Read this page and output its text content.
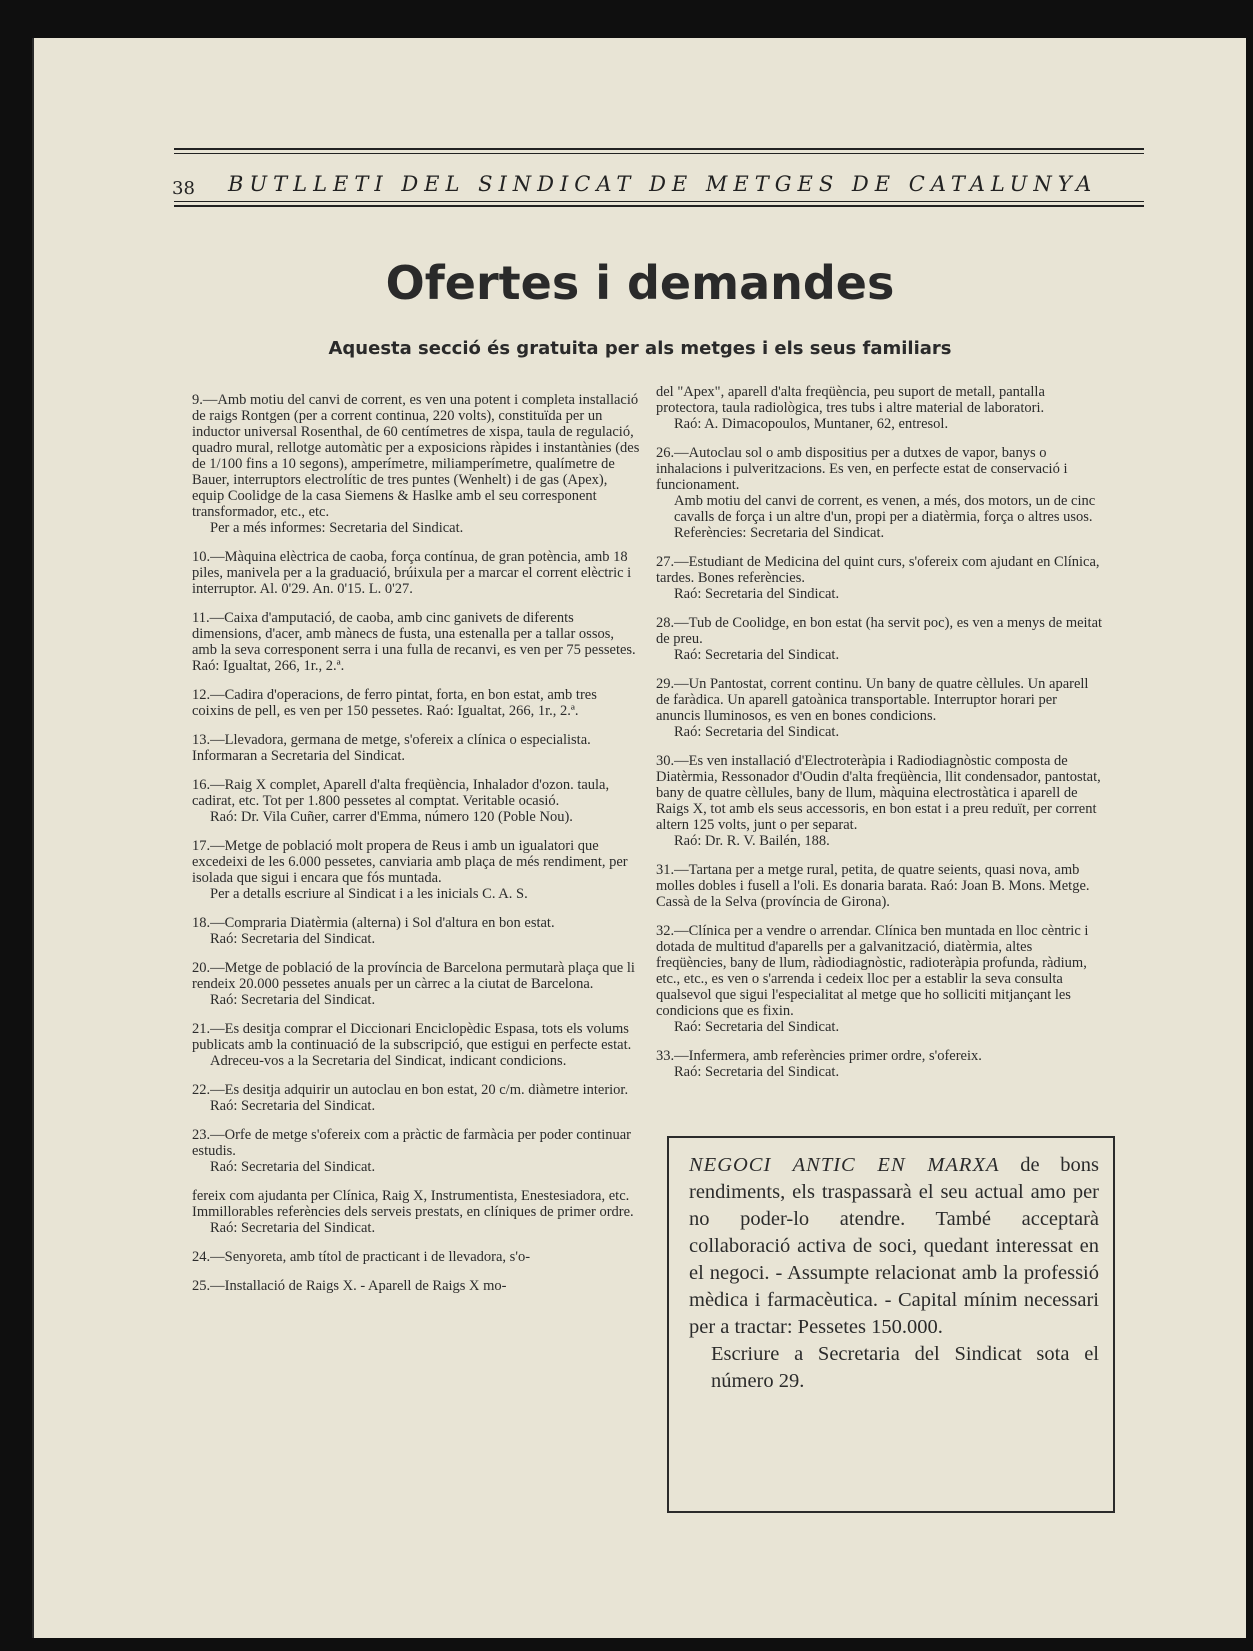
38 BUTLLETI DEL SINDICAT DE METGES DE CATALUNYA
Ofertes i demandes
Aquesta secció és gratuita per als metges i els seus familiars

9.—Amb motiu del canvi de corrent, es ven una potent i completa installació de raigs Rontgen (per a corrent continua, 220 volts), constituïda per un inductor universal Rosenthal, de 60 centímetres de xispa, taula de regulació, quadro mural, rellotge automàtic per a exposicions ràpides i instantànies (des de 1/100 fins a 10 segons), amperímetre, miliamperímetre, qualímetre de Bauer, interruptors electrolític de tres puntes (Wenhelt) i de gas (Apex), equip Coolidge de la casa Siemens & Haslke amb el seu corresponent transformador, etc., etc.
Per a més informes: Secretaria del Sindicat.

10.—Màquina elèctrica de caoba, força contínua, de gran potència, amb 18 piles, manivela per a la graduació, brúixula per a marcar el corrent elèctric i interruptor. Al. 0'29. An. 0'15. L. 0'27.

11.—Caixa d'amputació, de caoba, amb cinc ganivets de diferents dimensions, d'acer, amb mànecs de fusta, una estenalla per a tallar ossos, amb la seva corresponent serra i una fulla de recanvi, es ven per 75 pessetes. Raó: Igualtat, 266, 1r., 2.ª.

12.—Cadira d'operacions, de ferro pintat, forta, en bon estat, amb tres coixins de pell, es ven per 150 pessetes. Raó: Igualtat, 266, 1r., 2.ª.

13.—Llevadora, germana de metge, s'ofereix a clínica o especialista. Informaran a Secretaria del Sindicat.

16.—Raig X complet, Aparell d'alta freqüència, Inhalador d'ozon. taula, cadirat, etc. Tot per 1.800 pessetes al comptat. Veritable ocasió.
Raó: Dr. Vila Cuñer, carrer d'Emma, número 120 (Poble Nou).

17.—Metge de població molt propera de Reus i amb un igualatori que excedeixi de les 6.000 pessetes, canviaria amb plaça de més rendiment, per isolada que sigui i encara que fós muntada.
Per a detalls escriure al Sindicat i a les inicials C. A. S.

18.—Compraria Diatèrmia (alterna) i Sol d'altura en bon estat.
Raó: Secretaria del Sindicat.

20.—Metge de població de la província de Barcelona permutarà plaça que li rendeix 20.000 pessetes anuals per un càrrec a la ciutat de Barcelona.
Raó: Secretaria del Sindicat.

21.—Es desitja comprar el Diccionari Enciclopèdic Espasa, tots els volums publicats amb la continuació de la subscripció, que estigui en perfecte estat.
Adreceu-vos a la Secretaria del Sindicat, indicant condicions.

22.—Es desitja adquirir un autoclau en bon estat, 20 c/m. diàmetre interior.
Raó: Secretaria del Sindicat.

23.—Orfe de metge s'ofereix com a pràctic de farmàcia per poder continuar estudis.
Raó: Secretaria del Sindicat.

fereix com ajudanta per Clínica, Raig X, Instrumentista, Enestesiadora, etc. Immillorables referències dels serveis prestats, en clíniques de primer ordre.
Raó: Secretaria del Sindicat.

24.—Senyoreta, amb títol de practicant i de llevadora, s'o-

25.—Installació de Raigs X. - Aparell de Raigs X mo-

del "Apex", aparell d'alta freqüència, peu suport de metall, pantalla protectora, taula radiològica, tres tubs i altre material de laboratori.
Raó: A. Dimacopoulos, Muntaner, 62, entresol.

26.—Autoclau sol o amb dispositius per a dutxes de vapor, banys o inhalacions i pulveritzacions. Es ven, en perfecte estat de conservació i funcionament.
Amb motiu del canvi de corrent, es venen, a més, dos motors, un de cinc cavalls de força i un altre d'un, propi per a diatèrmia, força o altres usos.
Referències: Secretaria del Sindicat.

27.—Estudiant de Medicina del quint curs, s'ofereix com ajudant en Clínica, tardes. Bones referències.
Raó: Secretaria del Sindicat.

28.—Tub de Coolidge, en bon estat (ha servit poc), es ven a menys de meitat de preu.
Raó: Secretaria del Sindicat.

29.—Un Pantostat, corrent continu. Un bany de quatre cèllules. Un aparell de faràdica. Un aparell gatoànica transportable. Interruptor horari per anuncis lluminosos, es ven en bones condicions.
Raó: Secretaria del Sindicat.

30.—Es ven installació d'Electroteràpia i Radiodiagnòstic composta de Diatèrmia, Ressonador d'Oudin d'alta freqüència, llit condensador, pantostat, bany de quatre cèllules, bany de llum, màquina electrostàtica i aparell de Raigs X, tot amb els seus accessoris, en bon estat i a preu reduït, per corrent altern 125 volts, junt o per separat.
Raó: Dr. R. V. Bailén, 188.

31.—Tartana per a metge rural, petita, de quatre seients, quasi nova, amb molles dobles i fusell a l'oli. Es donaria barata. Raó: Joan B. Mons. Metge. Cassà de la Selva (província de Girona).

32.—Clínica per a vendre o arrendar. Clínica ben muntada en lloc cèntric i dotada de multitud d'aparells per a galvanització, diatèrmia, altes freqüències, bany de llum, ràdiodiagnòstic, radioteràpia profunda, ràdium, etc., etc., es ven o s'arrenda i cedeix lloc per a establir la seva consulta qualsevol que sigui l'especialitat al metge que ho solliciti mitjançant les condicions que es fixin.
Raó: Secretaria del Sindicat.

33.—Infermera, amb referències primer ordre, s'ofereix.
Raó: Secretaria del Sindicat.

NEGOCI ANTIC EN MARXA de bons rendiments, els traspassarà el seu actual amo per no poder-lo atendre. També acceptarà collaboració activa de soci, quedant interessat en el negoci. - Assumpte relacionat amb la professió mèdica i farmacèutica. - Capital mínim necessari per a tractar: Pessetes 150.000.
Escriure a Secretaria del Sindicat sota el número 29.
